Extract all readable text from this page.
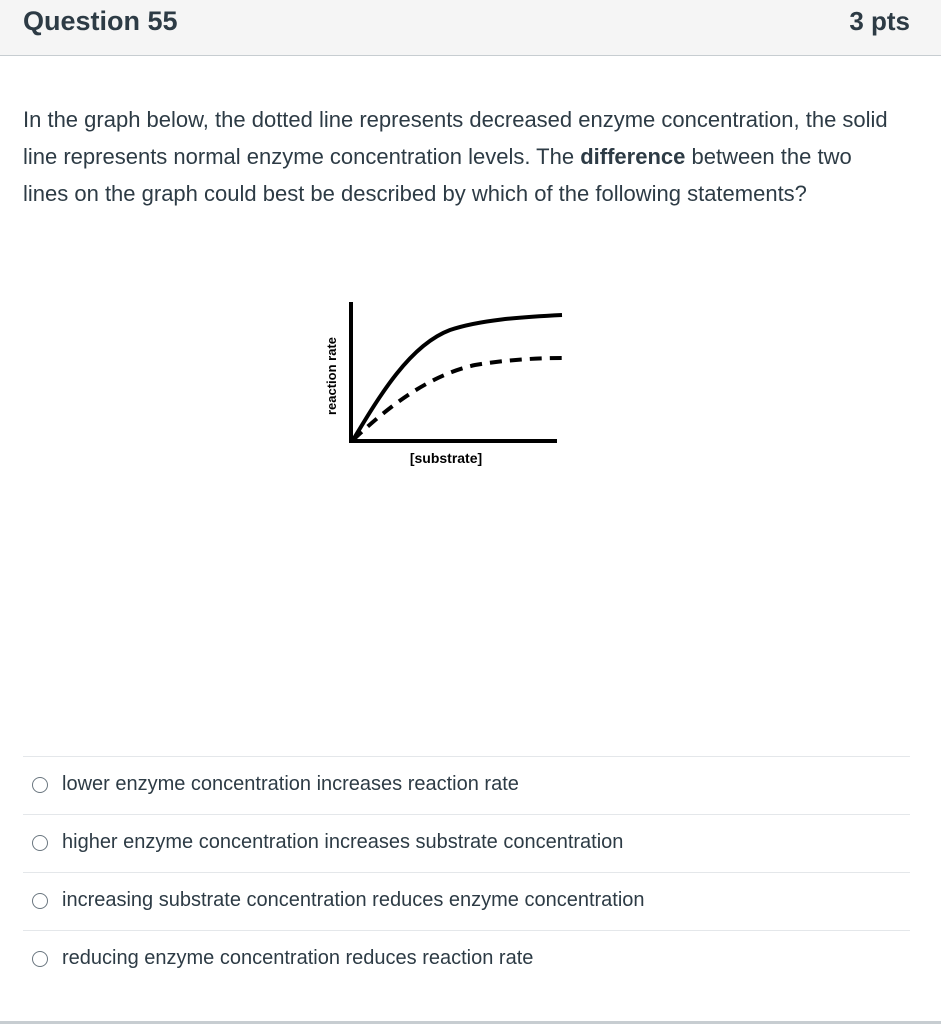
Question 55	3 pts
In the graph below, the dotted line represents decreased enzyme concentration, the solid line represents normal enzyme concentration levels. The difference between the two lines on the graph could best be described by which of the following statements?
reaction rate
[substrate]
lower enzyme concentration increases reaction rate
higher enzyme concentration increases substrate concentration
increasing substrate concentration reduces enzyme concentration
reducing enzyme concentration reduces reaction rate
